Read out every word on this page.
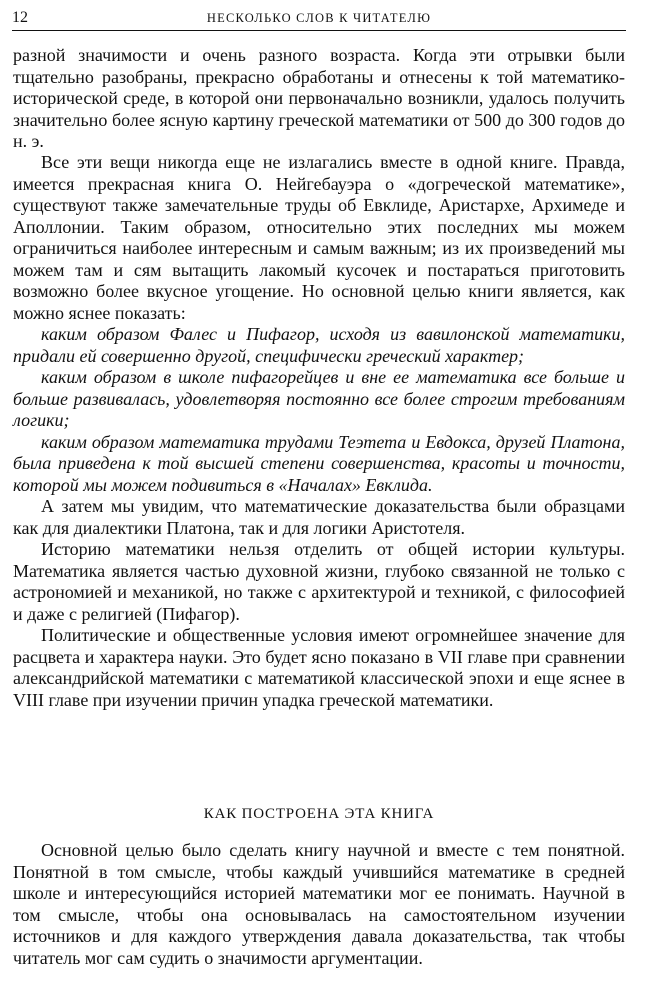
12	НЕСКОЛЬКО СЛОВ К ЧИТАТЕЛЮ

разной значимости и очень разного возраста. Когда эти отрывки были тщательно разобраны, прекрасно обработаны и отнесены к той математико-исторической среде, в которой они первоначально возникли, удалось получить значительно более ясную картину греческой математики от 500 до 300 годов до н. э.

Все эти вещи никогда еще не излагались вместе в одной книге. Правда, имеется прекрасная книга О. Нейгебауэра о «догреческой математике», существуют также замечательные труды об Евклиде, Аристархе, Архимеде и Аполлонии. Таким образом, относительно этих последних мы можем ограничиться наиболее интересным и самым важным; из их произведений мы можем там и сям вытащить лакомый кусочек и постараться приготовить возможно более вкусное угощение. Но основной целью книги является, как можно яснее показать:

каким образом Фалес и Пифагор, исходя из вавилонской математики, придали ей совершенно другой, специфически греческий характер;

каким образом в школе пифагорейцев и вне ее математика все больше и больше развивалась, удовлетворяя постоянно все более строгим требованиям логики;

каким образом математика трудами Теэтета и Евдокса, друзей Платона, была приведена к той высшей степени совершенства, красоты и точности, которой мы можем подивиться в «Началах» Евклида.

А затем мы увидим, что математические доказательства были образцами как для диалектики Платона, так и для логики Аристотеля.

Историю математики нельзя отделить от общей истории культуры. Математика является частью духовной жизни, глубоко связанной не только с астрономией и механикой, но также с архитектурой и техникой, с философией и даже с религией (Пифагор).

Политические и общественные условия имеют огромнейшее значение для расцвета и характера науки. Это будет ясно показано в VII главе при сравнении александрийской математики с математикой классической эпохи и еще яснее в VIII главе при изучении причин упадка греческой математики.

КАК ПОСТРОЕНА ЭТА КНИГА

Основной целью было сделать книгу научной и вместе с тем понятной. Понятной в том смысле, чтобы каждый учившийся математике в средней школе и интересующийся историей математики мог ее понимать. Научной в том смысле, чтобы она основывалась на самостоятельном изучении источников и для каждого утверждения давала доказательства, так чтобы читатель мог сам судить о значимости аргументации.
